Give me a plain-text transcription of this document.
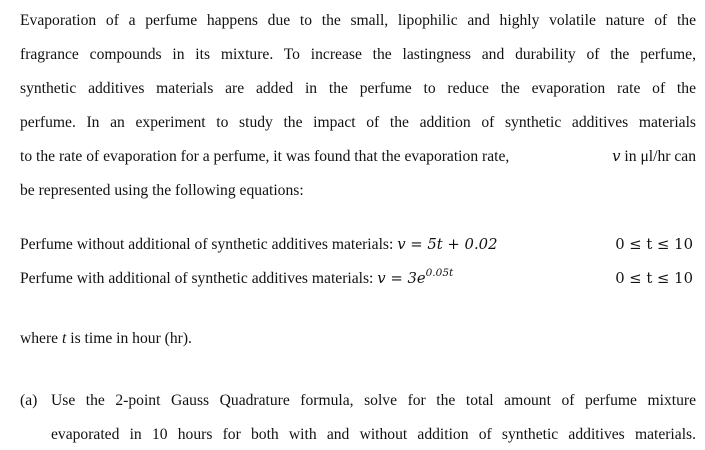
Evaporation of a perfume happens due to the small, lipophilic and highly volatile nature of the
fragrance compounds in its mixture. To increase the lastingness and durability of the perfume,
synthetic additives materials are added in the perfume to reduce the evaporation rate of the
perfume. In an experiment to study the impact of the addition of synthetic additives materials
to the rate of evaporation for a perfume, it was found that the evaporation rate,	v in μl/hr can
be represented using the following equations:
Perfume without additional of synthetic additives materials: v = 5t + 0.02	0 ≤ t ≤ 10
Perfume with additional of synthetic additives materials: $v = 3e^{0.05t}$	0 ≤ t ≤ 10
where t is time in hour (hr).
(a) Use the 2-point Gauss Quadrature formula, solve for the total amount of perfume mixture
evaporated in 10 hours for both with and without addition of synthetic additives materials.
